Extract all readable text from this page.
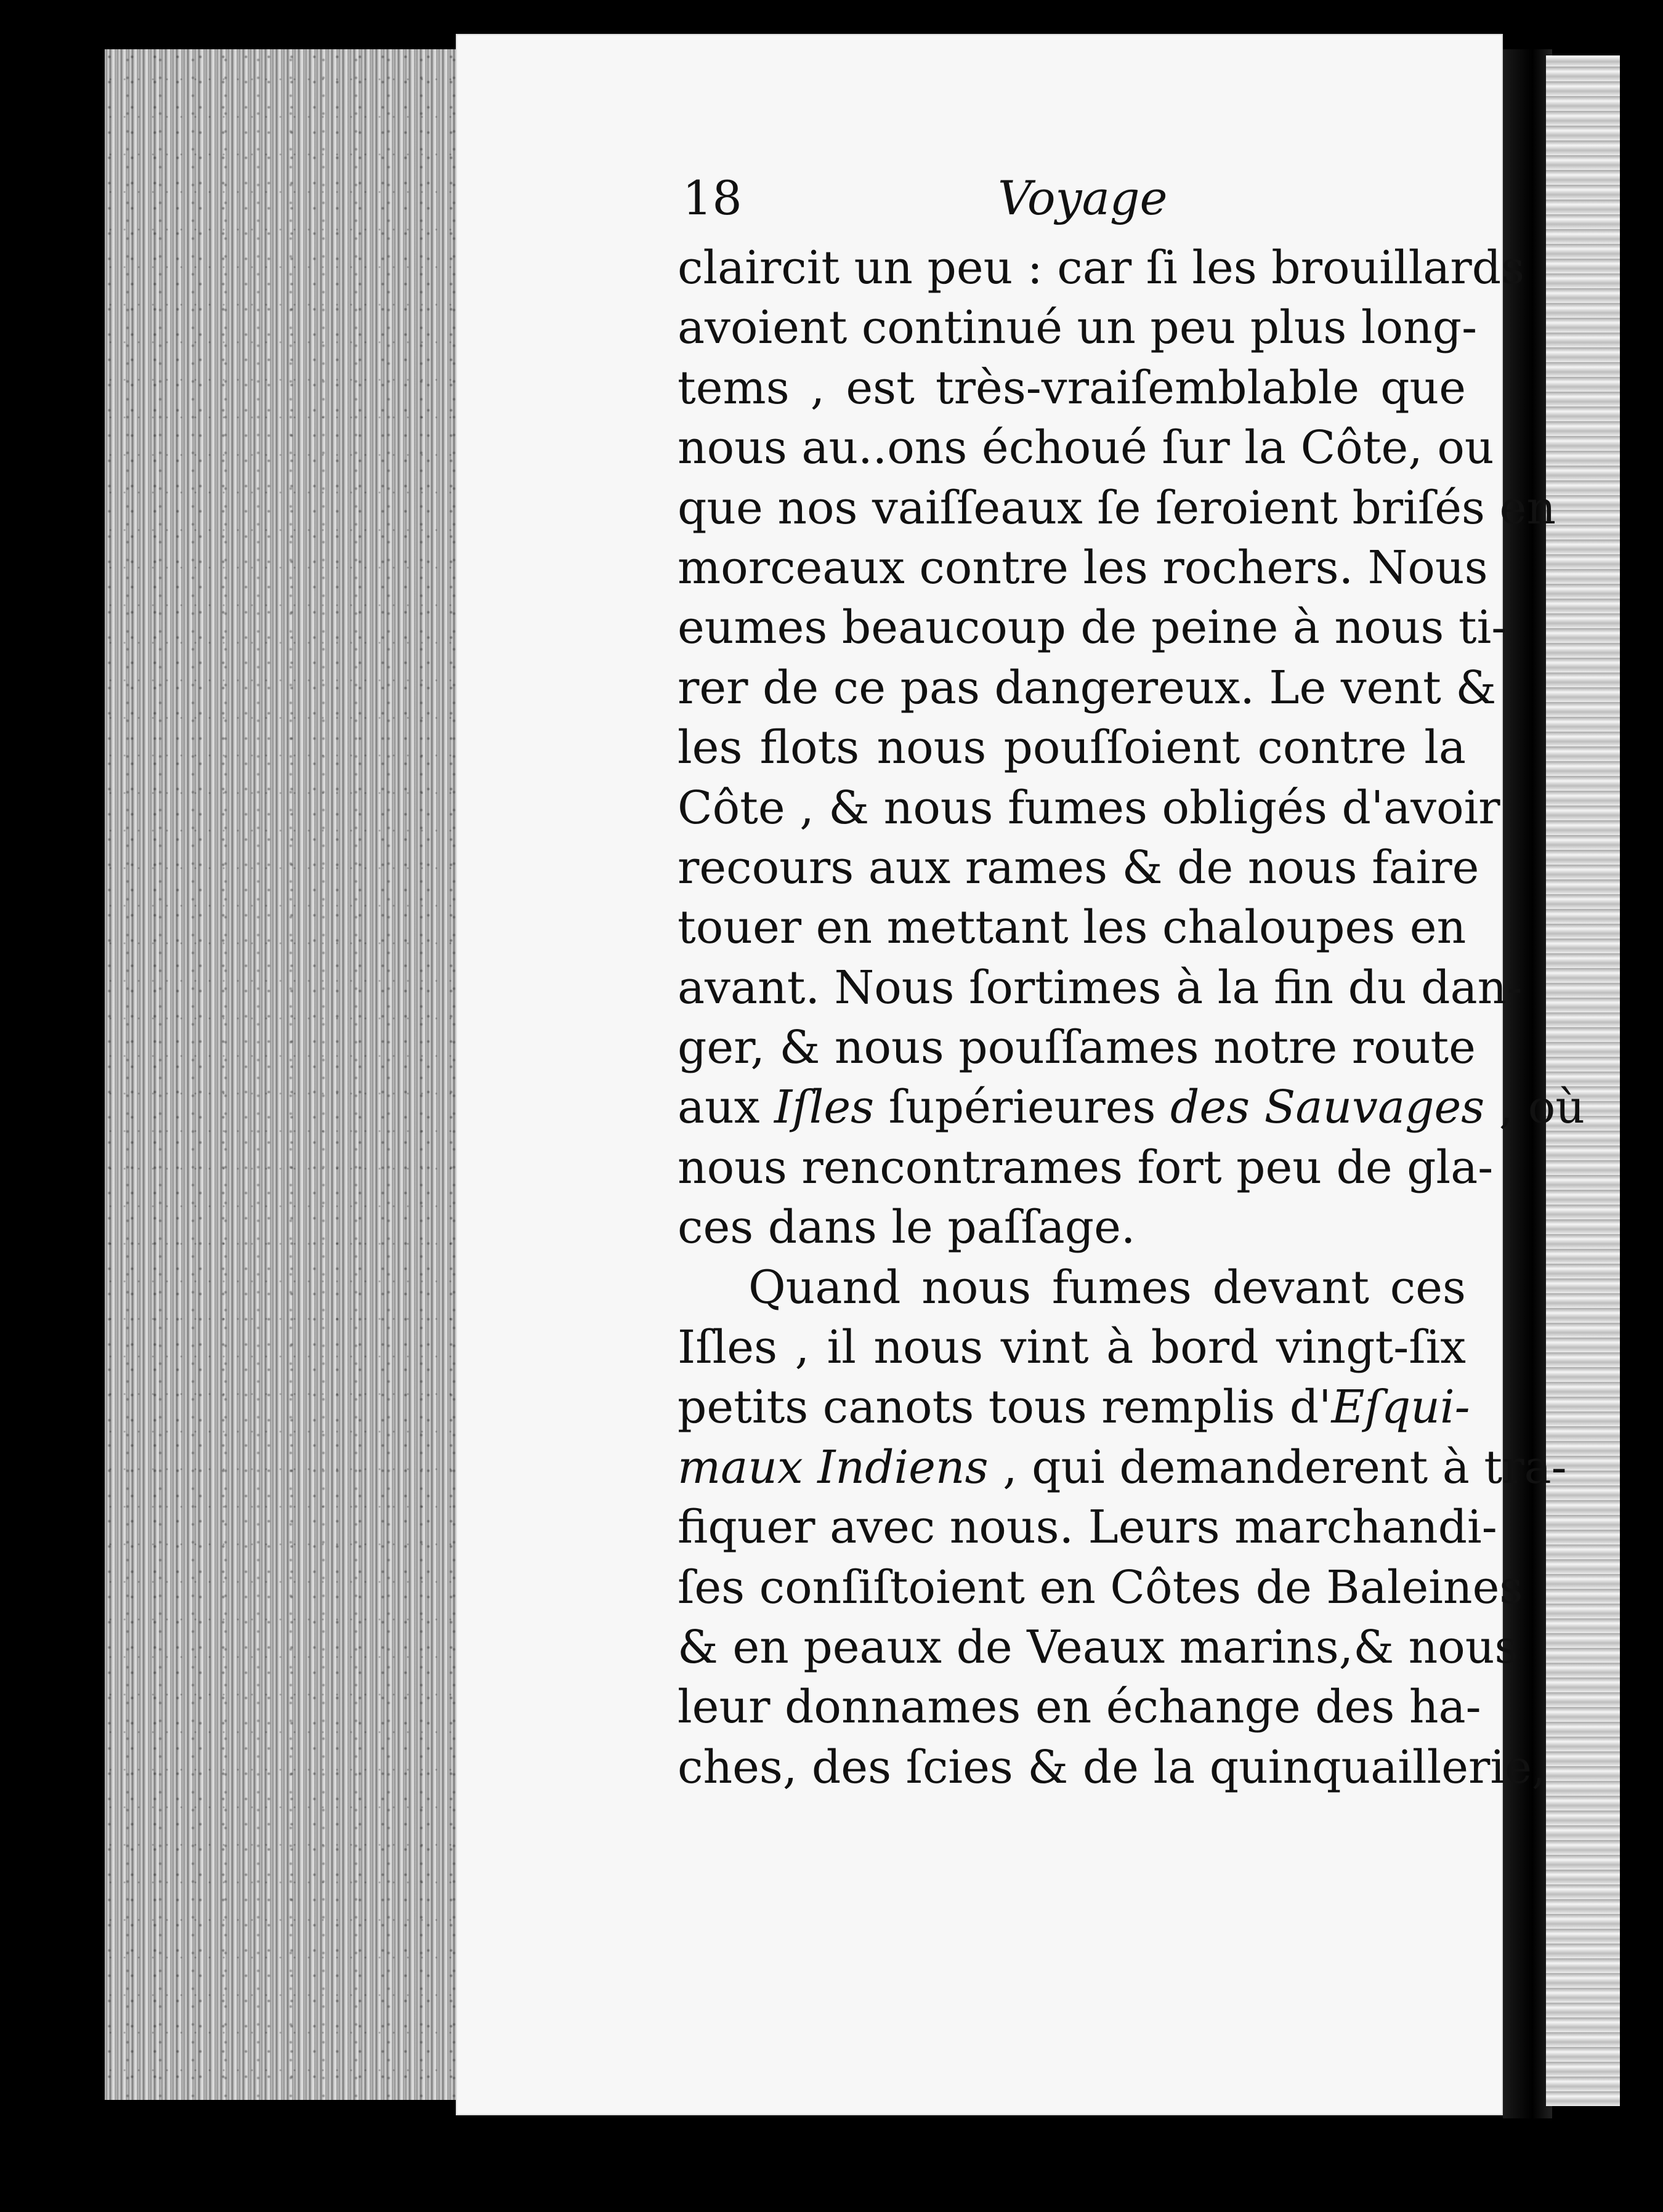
18	Voyage
claircit un peu : car ſi les brouillards
avoient continué un peu plus long-
tems , est très-vraiſemblable que
nous au..ons échoué ſur la Côte, ou
que nos vaiſſeaux ſe ſeroient briſés en
morceaux contre les rochers. Nous
eumes beaucoup de peine à nous ti-
rer de ce pas dangereux. Le vent &
les flots nous pouſſoient contre la
Côte , & nous fumes obligés d'avoir
recours aux rames & de nous faire
touer en mettant les chaloupes en
avant. Nous ſortimes à la fin du dan-
ger, & nous pouſſames notre route
aux Iſles ſupérieures des Sauvages , où
nous rencontrames fort peu de gla-
ces dans le paſſage.
Quand nous fumes devant ces
Iſles , il nous vint à bord vingt-ſix
petits canots tous remplis d'Eſqui-
maux Indiens , qui demanderent à tra-
fiquer avec nous. Leurs marchandi-
ſes conſiſtoient en Côtes de Baleines
& en peaux de Veaux marins,& nous
leur donnames en échange des ha-
ches, des ſcies & de la quinquaillerie,
